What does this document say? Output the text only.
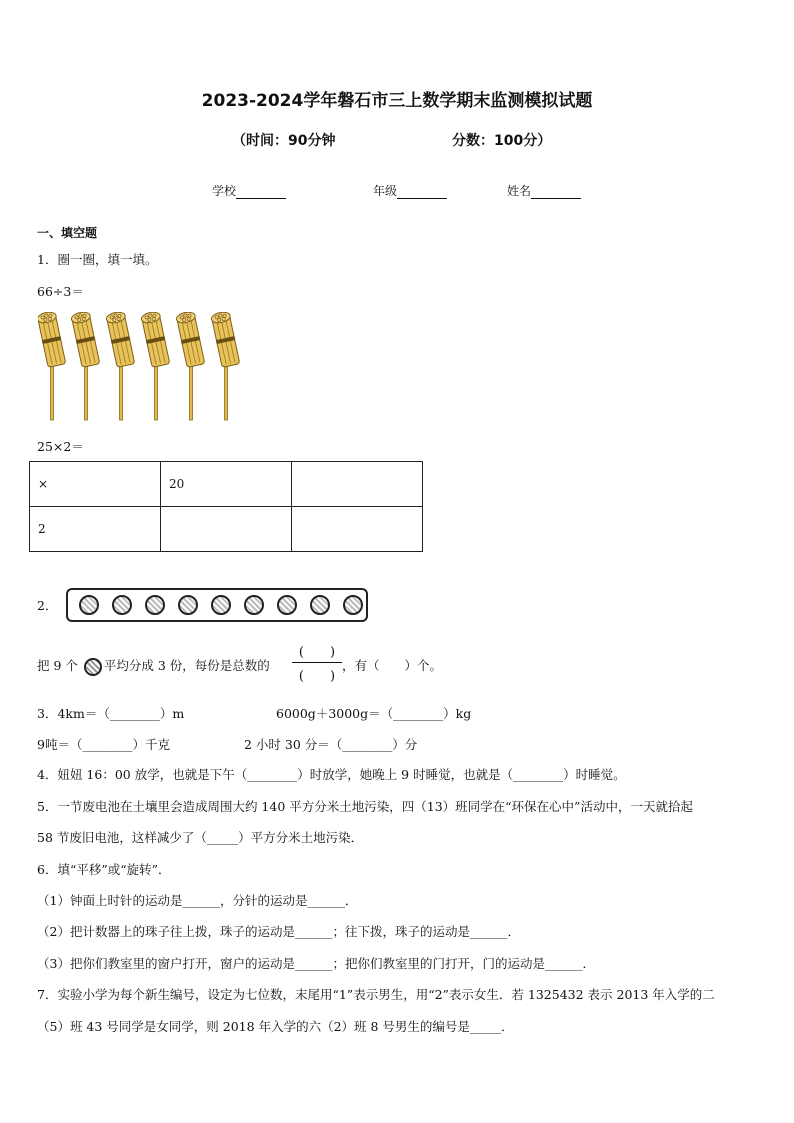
2023-2024学年磐石市三上数学期末监测模拟试题
（时间：90分钟	分数：100分）
学校	年级	姓名
一、填空题
1．圈一圈，填一填。
66÷3＝
25×2＝
×	20	
2		
2．
把 9 个 平均分成 3 份，每份是总数的
(　　)
(　　)
，有（　　）个。
3．4km＝（________）m	6000g＋3000g＝（________）kg
9吨＝（________）千克	2 小时 30 分＝（________）分
4．妞妞 16：00 放学，也就是下午（________）时放学，她晚上 9 时睡觉，也就是（________）时睡觉。
5．一节废电池在土壤里会造成周围大约 140 平方分米土地污染，四（13）班同学在“环保在心中”活动中，一天就拾起
58 节废旧电池，这样减少了（_____）平方分米土地污染．
6．填“平移”或“旋转”．
（1）钟面上时针的运动是______，分针的运动是______．
（2）把计数器上的珠子往上拨，珠子的运动是______；往下拨，珠子的运动是______．
（3）把你们教室里的窗户打开，窗户的运动是______；把你们教室里的门打开，门的运动是______．
7．实验小学为每个新生编号，设定为七位数，末尾用“1”表示男生，用“2”表示女生．若 1325432 表示 2013 年入学的二
（5）班 43 号同学是女同学，则 2018 年入学的六（2）班 8 号男生的编号是_____．
